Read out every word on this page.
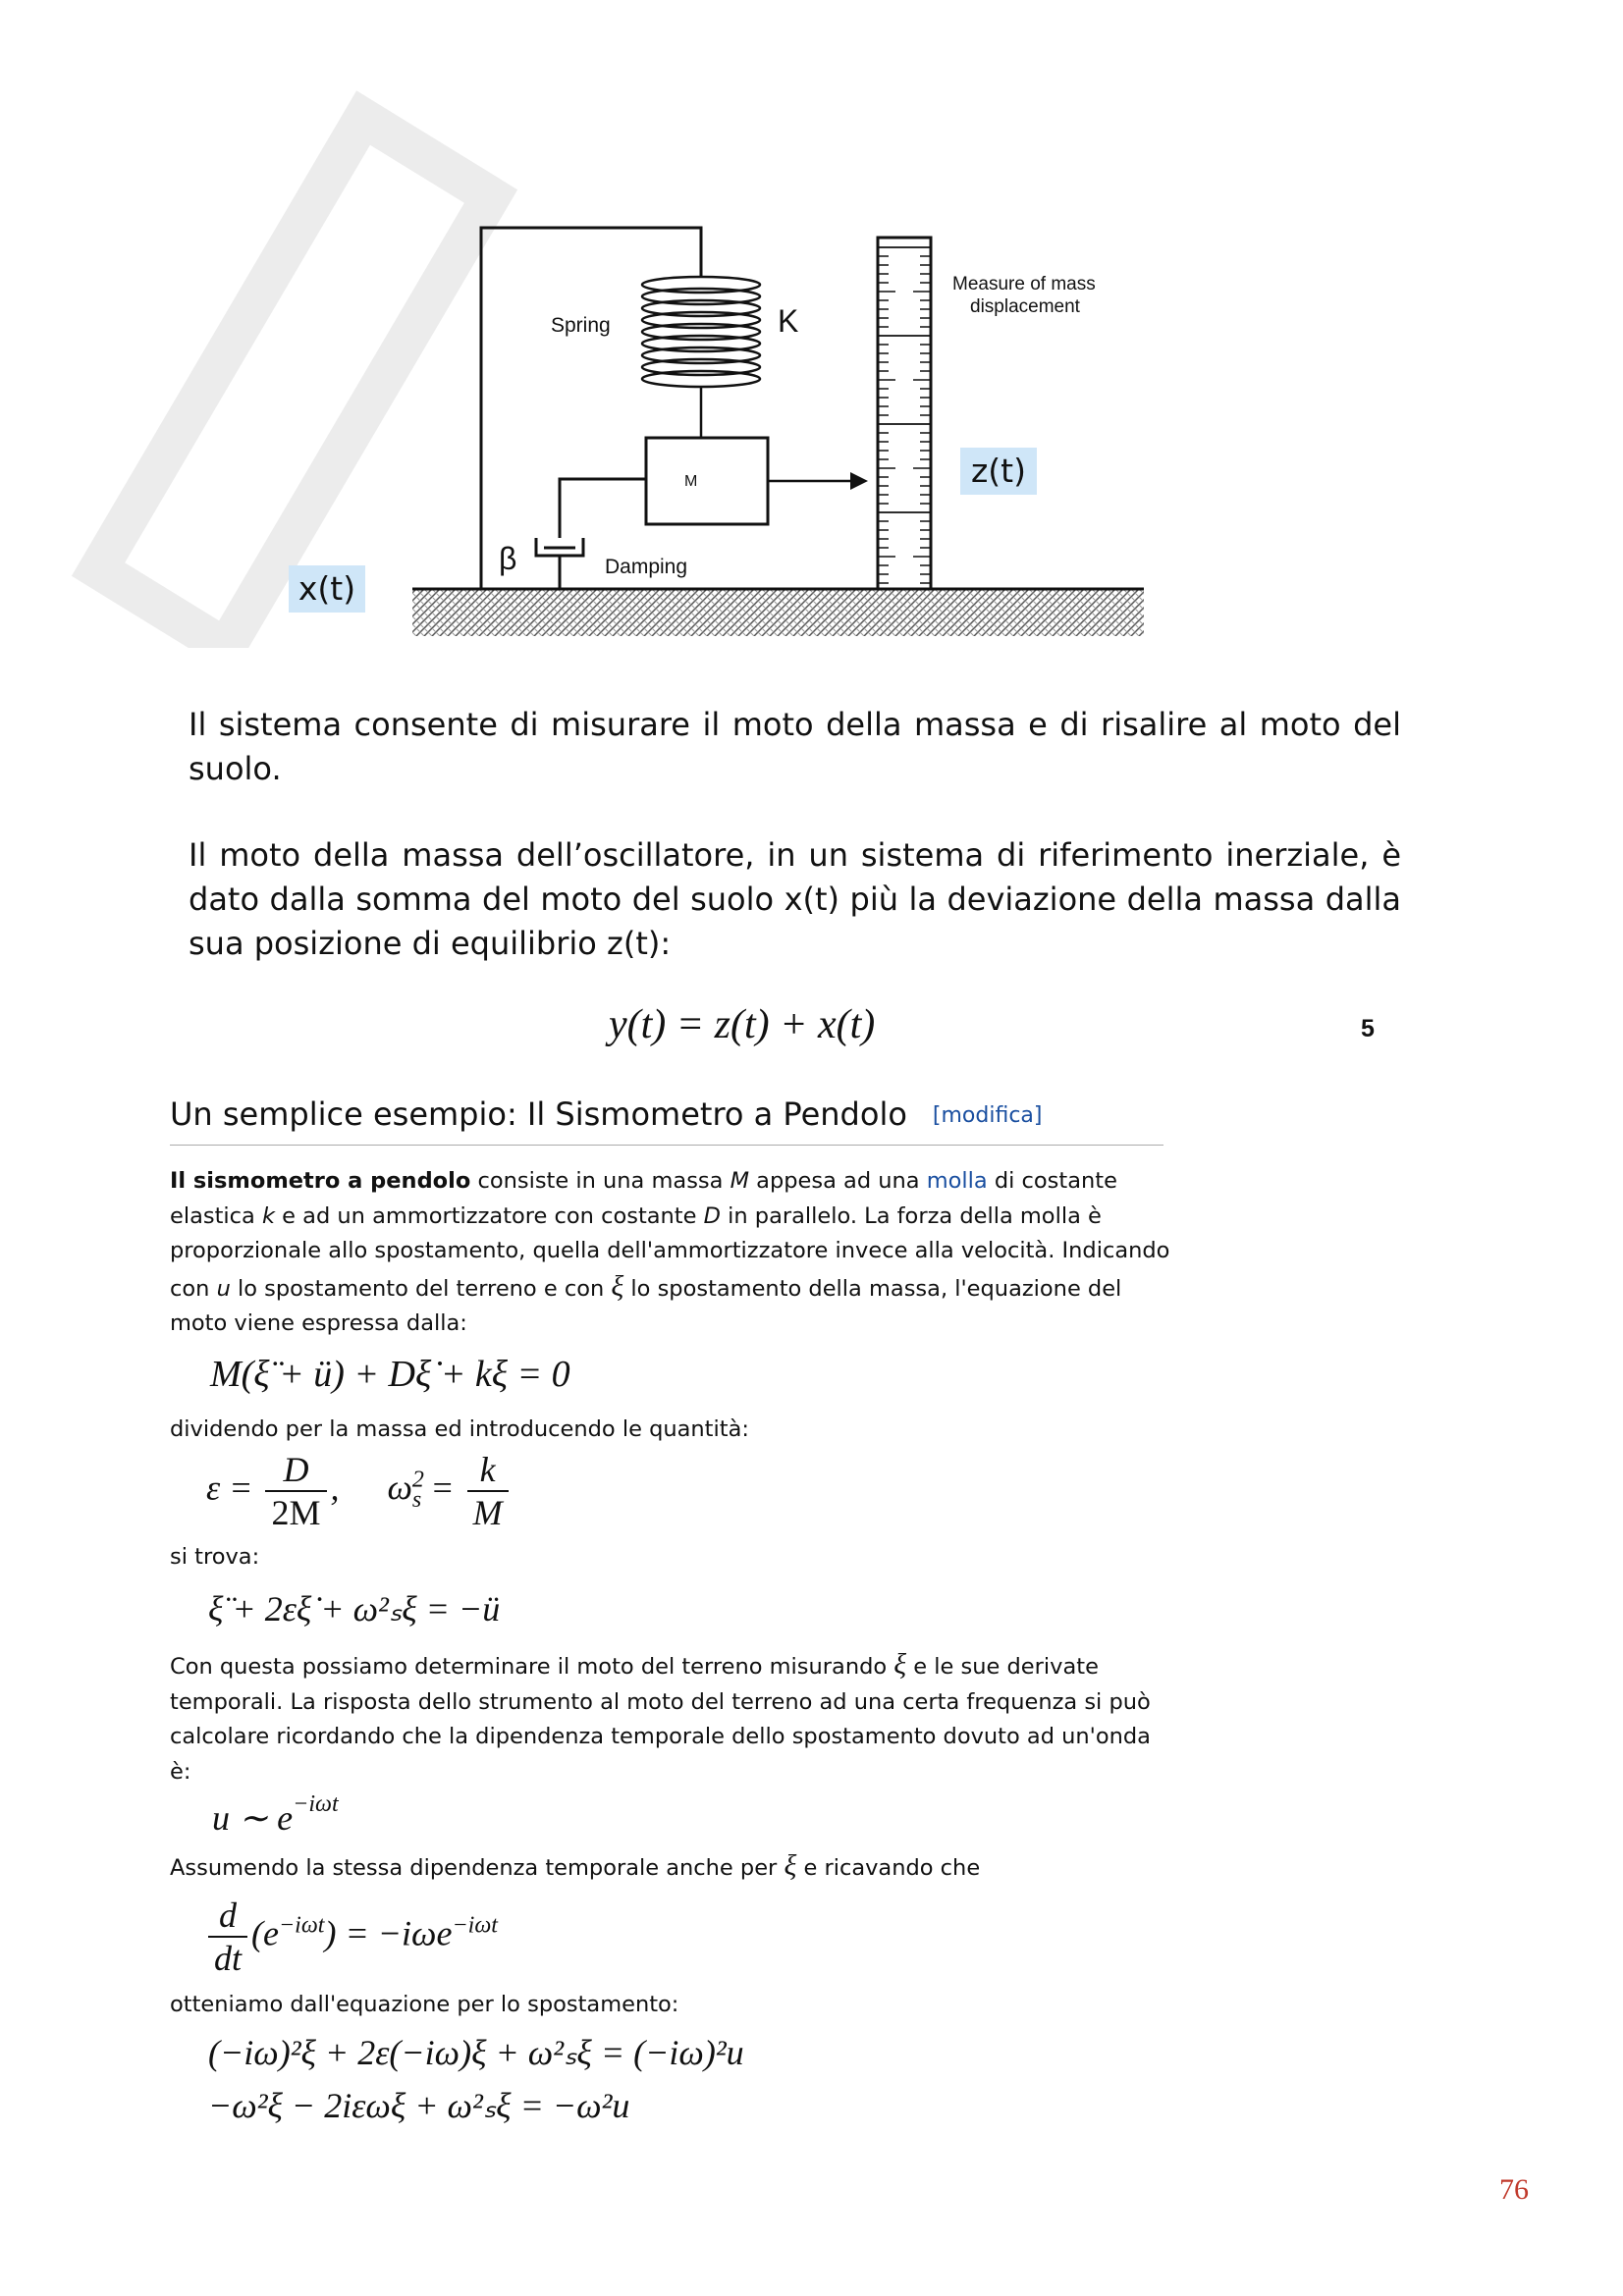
M
Spring	K
Damping
β
Measure of mass
displacement
x(t)
z(t)

Il sistema consente di misurare il moto della massa e di risalire al moto del suolo.

Il moto della massa dell’oscillatore, in un sistema di riferimento inerziale, è dato dalla somma del moto del suolo x(t) più la deviazione della massa dalla sua posizione di equilibrio z(t):

y(t) = z(t) + x(t)	5
Un semplice esempio: Il Sismometro a Pendolo [modifica]

Il sismometro a pendolo consiste in una massa M appesa ad una molla di costante elastica k e ad un ammortizzatore con costante D in parallelo. La forza della molla è proporzionale allo spostamento, quella dell'ammortizzatore invece alla velocità. Indicando con u lo spostamento del terreno e con ξ lo spostamento della massa, l'equazione del moto viene espressa dalla:

M(ξ̈ + ü) + Dξ̇ + kξ = 0

dividendo per la massa ed introducendo le quantità:

$\varepsilon = \frac{D}{2M}$ , $\omega^2_s = \frac{k}{M}$

si trova:

ξ̈ + 2εξ̇ + ω²ₛξ = −ü

Con questa possiamo determinare il moto del terreno misurando ξ e le sue derivate temporali. La risposta dello strumento al moto del terreno ad una certa frequenza si può calcolare ricordando che la dipendenza temporale dello spostamento dovuto ad un'onda è:

u ∼ $e^{-i\omega t}$

Assumendo la stessa dipendenza temporale anche per ξ e ricavando che

$\frac{d}{dt} (e^{-i\omega t}) = -i\omega e^{-i\omega t}$

otteniamo dall'equazione per lo spostamento:

(−iω)²ξ + 2ε(−iω)ξ + ω²ₛξ = (−iω)²u
−ω²ξ − 2iεωξ + ω²ₛξ = −ω²u
76
